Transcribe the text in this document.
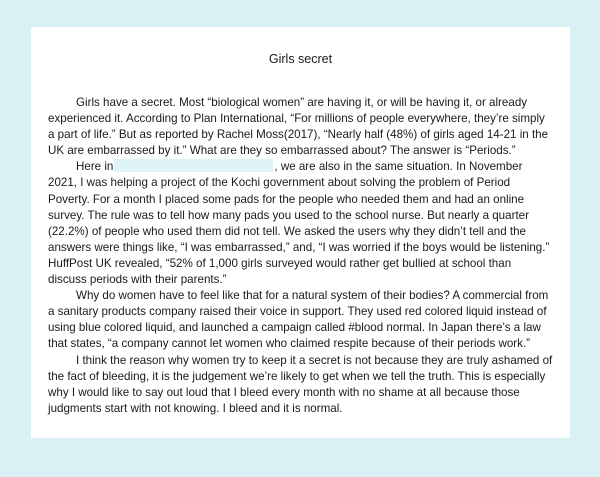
Girls secret

Girls have a secret. Most “biological women” are having it, or will be having it, or already experienced it. According to Plan International, “For millions of people everywhere, they’re simply a part of life.” But as reported by Rachel Moss(2017), “Nearly half (48%) of girls aged 14-21 in the UK are embarrassed by it.” What are they so embarrassed about? The answer is “Periods.”

Here in	, we are also in the same situation. In November 2021, I was helping a project of the Kochi government about solving the problem of Period Poverty. For a month I placed some pads for the people who needed them and had an online survey. The rule was to tell how many pads you used to the school nurse. But nearly a quarter (22.2%) of people who used them did not tell. We asked the users why they didn’t tell and the answers were things like, “I was embarrassed,” and, “I was worried if the boys would be listening.” HuffPost UK revealed, “52% of 1,000 girls surveyed would rather get bullied at school than discuss periods with their parents.”

Why do women have to feel like that for a natural system of their bodies? A commercial from a sanitary products company raised their voice in support. They used red colored liquid instead of using blue colored liquid, and launched a campaign called #blood normal. In Japan there’s a law that states, “a company cannot let women who claimed respite because of their periods work.”

I think the reason why women try to keep it a secret is not because they are truly ashamed of the fact of bleeding, it is the judgement we’re likely to get when we tell the truth. This is especially why I would like to say out loud that I bleed every month with no shame at all because those judgments start with not knowing. I bleed and it is normal.
